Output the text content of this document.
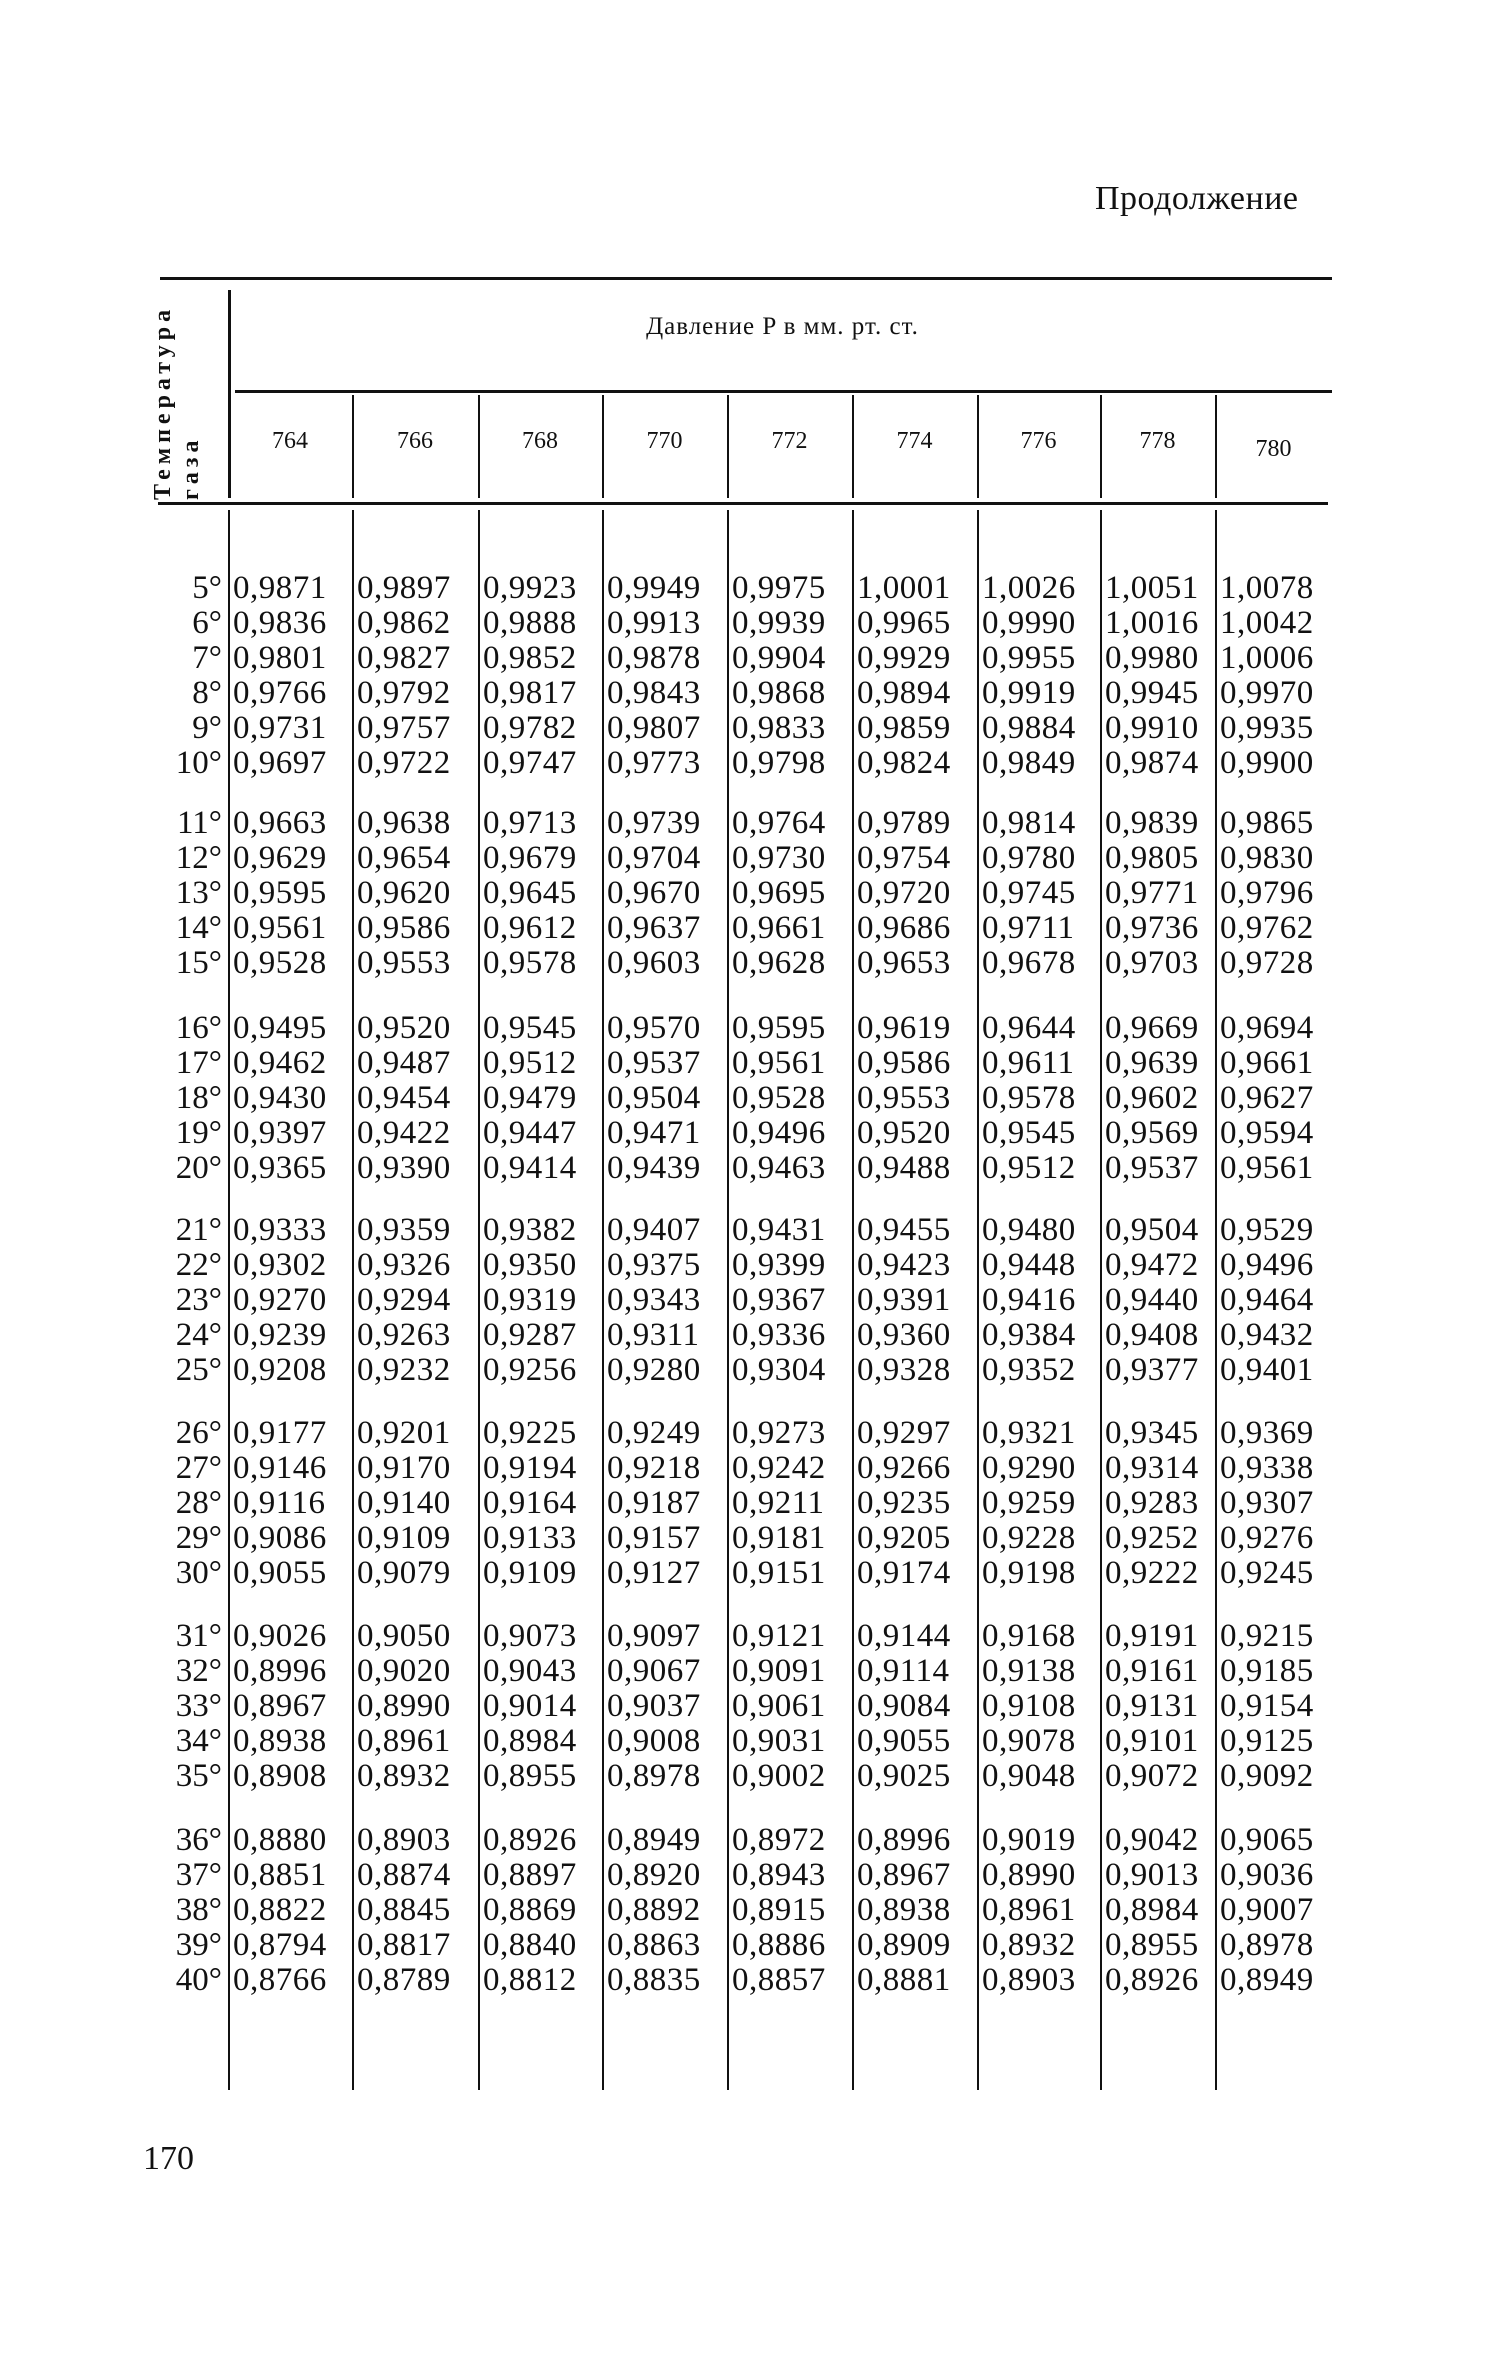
Продолжение
Температура газа
Давление P в мм. рт. ст.
764	766	768	770	772	774	776	778	780
5° 0,9871 0,9897 0,9923 0,9949 0,9975 1,0001 1,0026 1,0051 1,0078
6° 0,9836 0,9862 0,9888 0,9913 0,9939 0,9965 0,9990 1,0016 1,0042
7° 0,9801 0,9827 0,9852 0,9878 0,9904 0,9929 0,9955 0,9980 1,0006
8° 0,9766 0,9792 0,9817 0,9843 0,9868 0,9894 0,9919 0,9945 0,9970
9° 0,9731 0,9757 0,9782 0,9807 0,9833 0,9859 0,9884 0,9910 0,9935
10° 0,9697 0,9722 0,9747 0,9773 0,9798 0,9824 0,9849 0,9874 0,9900
11° 0,9663 0,9638 0,9713 0,9739 0,9764 0,9789 0,9814 0,9839 0,9865
12° 0,9629 0,9654 0,9679 0,9704 0,9730 0,9754 0,9780 0,9805 0,9830
13° 0,9595 0,9620 0,9645 0,9670 0,9695 0,9720 0,9745 0,9771 0,9796
14° 0,9561 0,9586 0,9612 0,9637 0,9661 0,9686 0,9711 0,9736 0,9762
15° 0,9528 0,9553 0,9578 0,9603 0,9628 0,9653 0,9678 0,9703 0,9728
16° 0,9495 0,9520 0,9545 0,9570 0,9595 0,9619 0,9644 0,9669 0,9694
17° 0,9462 0,9487 0,9512 0,9537 0,9561 0,9586 0,9611 0,9639 0,9661
18° 0,9430 0,9454 0,9479 0,9504 0,9528 0,9553 0,9578 0,9602 0,9627
19° 0,9397 0,9422 0,9447 0,9471 0,9496 0,9520 0,9545 0,9569 0,9594
20° 0,9365 0,9390 0,9414 0,9439 0,9463 0,9488 0,9512 0,9537 0,9561
21° 0,9333 0,9359 0,9382 0,9407 0,9431 0,9455 0,9480 0,9504 0,9529
22° 0,9302 0,9326 0,9350 0,9375 0,9399 0,9423 0,9448 0,9472 0,9496
23° 0,9270 0,9294 0,9319 0,9343 0,9367 0,9391 0,9416 0,9440 0,9464
24° 0,9239 0,9263 0,9287 0,9311 0,9336 0,9360 0,9384 0,9408 0,9432
25° 0,9208 0,9232 0,9256 0,9280 0,9304 0,9328 0,9352 0,9377 0,9401
26° 0,9177 0,9201 0,9225 0,9249 0,9273 0,9297 0,9321 0,9345 0,9369
27° 0,9146 0,9170 0,9194 0,9218 0,9242 0,9266 0,9290 0,9314 0,9338
28° 0,9116 0,9140 0,9164 0,9187 0,9211 0,9235 0,9259 0,9283 0,9307
29° 0,9086 0,9109 0,9133 0,9157 0,9181 0,9205 0,9228 0,9252 0,9276
30° 0,9055 0,9079 0,9109 0,9127 0,9151 0,9174 0,9198 0,9222 0,9245
31° 0,9026 0,9050 0,9073 0,9097 0,9121 0,9144 0,9168 0,9191 0,9215
32° 0,8996 0,9020 0,9043 0,9067 0,9091 0,9114 0,9138 0,9161 0,9185
33° 0,8967 0,8990 0,9014 0,9037 0,9061 0,9084 0,9108 0,9131 0,9154
34° 0,8938 0,8961 0,8984 0,9008 0,9031 0,9055 0,9078 0,9101 0,9125
35° 0,8908 0,8932 0,8955 0,8978 0,9002 0,9025 0,9048 0,9072 0,9092
36° 0,8880 0,8903 0,8926 0,8949 0,8972 0,8996 0,9019 0,9042 0,9065
37° 0,8851 0,8874 0,8897 0,8920 0,8943 0,8967 0,8990 0,9013 0,9036
38° 0,8822 0,8845 0,8869 0,8892 0,8915 0,8938 0,8961 0,8984 0,9007
39° 0,8794 0,8817 0,8840 0,8863 0,8886 0,8909 0,8932 0,8955 0,8978
40° 0,8766 0,8789 0,8812 0,8835 0,8857 0,8881 0,8903 0,8926 0,8949
170
